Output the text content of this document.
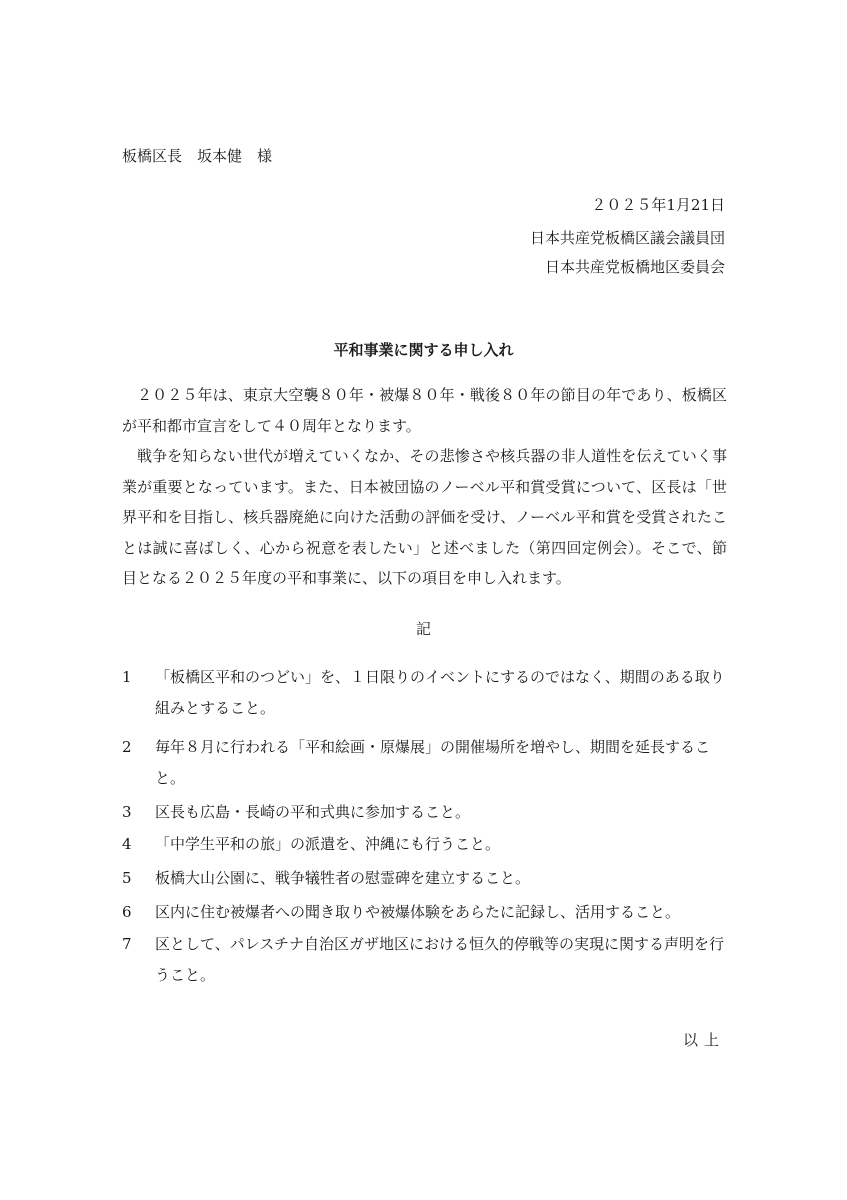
板橋区長　坂本健　様
２０２５年1月21日
日本共産党板橋区議会議員団
日本共産党板橋地区委員会
平和事業に関する申し入れ

２０２５年は、東京大空襲８０年・被爆８０年・戦後８０年の節目の年であり、板橋区が平和都市宣言をして４０周年となります。

戦争を知らない世代が増えていくなか、その悲惨さや核兵器の非人道性を伝えていく事業が重要となっています。また、日本被団協のノーベル平和賞受賞について、区長は「世界平和を目指し、核兵器廃絶に向けた活動の評価を受け、ノーベル平和賞を受賞されたことは誠に喜ばしく、心から祝意を表したい」と述べました（第四回定例会）。そこで、節目となる２０２５年度の平和事業に、以下の項目を申し入れます。

記
1	「板橋区平和のつどい」を、１日限りのイベントにするのではなく、期間のある取り組みとすること。
2	毎年８月に行われる「平和絵画・原爆展」の開催場所を増やし、期間を延長すること。
3	区長も広島・長崎の平和式典に参加すること。
4	「中学生平和の旅」の派遣を、沖縄にも行うこと。
5	板橋大山公園に、戦争犠牲者の慰霊碑を建立すること。
6	区内に住む被爆者への聞き取りや被爆体験をあらたに記録し、活用すること。
7	区として、パレスチナ自治区ガザ地区における恒久的停戦等の実現に関する声明を行うこと。
以上
